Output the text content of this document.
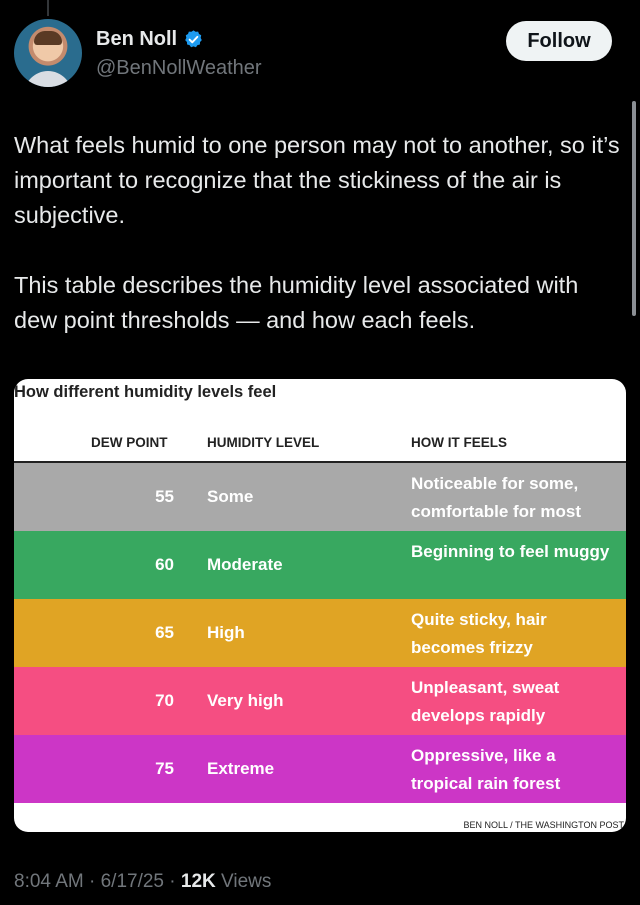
Ben Noll
@BenNollWeather
Follow
What feels humid to one person may not to another, so it’s important to recognize that the stickiness of the air is subjective.

This table describes the humidity level associated with dew point thresholds — and how each feels.
How different humidity levels feel
DEW POINT	HUMIDITY LEVEL	HOW IT FEELS
55 Some
Noticeable for some, comfortable for most
60 Moderate
Beginning to feel muggy
65 High
Quite sticky, hair becomes frizzy
70 Very high
Unpleasant, sweat develops rapidly
75 Extreme
Oppressive, like a tropical rain forest
BEN NOLL / THE WASHINGTON POST
8:04 AM · 6/17/25 · 12K Views
